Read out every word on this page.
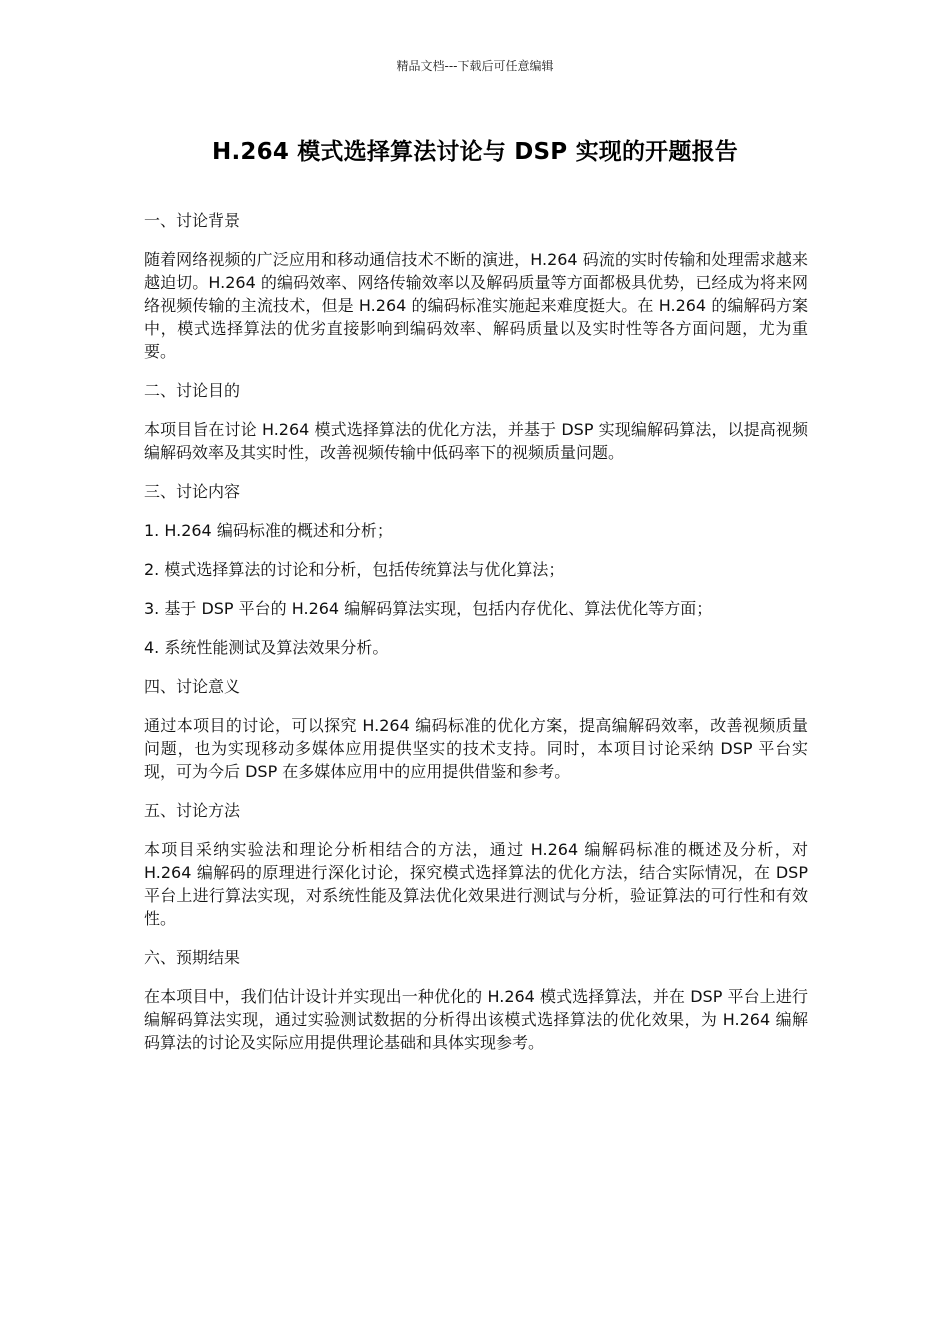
精品文档---下载后可任意编辑
H.264 模式选择算法讨论与 DSP 实现的开题报告

一、讨论背景

随着网络视频的广泛应用和移动通信技术不断的演进，H.264 码流的实时传输和处理需求越来越迫切。H.264 的编码效率、网络传输效率以及解码质量等方面都极具优势，已经成为将来网络视频传输的主流技术，但是 H.264 的编码标准实施起来难度挺大。在 H.264 的编解码方案中，模式选择算法的优劣直接影响到编码效率、解码质量以及实时性等各方面问题，尤为重要。

二、讨论目的

本项目旨在讨论 H.264 模式选择算法的优化方法，并基于 DSP 实现编解码算法，以提高视频编解码效率及其实时性，改善视频传输中低码率下的视频质量问题。

三、讨论内容

1. H.264 编码标准的概述和分析；

2. 模式选择算法的讨论和分析，包括传统算法与优化算法；

3. 基于 DSP 平台的 H.264 编解码算法实现，包括内存优化、算法优化等方面；

4. 系统性能测试及算法效果分析。

四、讨论意义

通过本项目的讨论，可以探究 H.264 编码标准的优化方案，提高编解码效率，改善视频质量问题，也为实现移动多媒体应用提供坚实的技术支持。同时，本项目讨论采纳 DSP 平台实现，可为今后 DSP 在多媒体应用中的应用提供借鉴和参考。

五、讨论方法

本项目采纳实验法和理论分析相结合的方法，通过 H.264 编解码标准的概述及分析，对 H.264 编解码的原理进行深化讨论，探究模式选择算法的优化方法，结合实际情况，在 DSP 平台上进行算法实现，对系统性能及算法优化效果进行测试与分析，验证算法的可行性和有效性。

六、预期结果

在本项目中，我们估计设计并实现出一种优化的 H.264 模式选择算法，并在 DSP 平台上进行编解码算法实现，通过实验测试数据的分析得出该模式选择算法的优化效果，为 H.264 编解码算法的讨论及实际应用提供理论基础和具体实现参考。
